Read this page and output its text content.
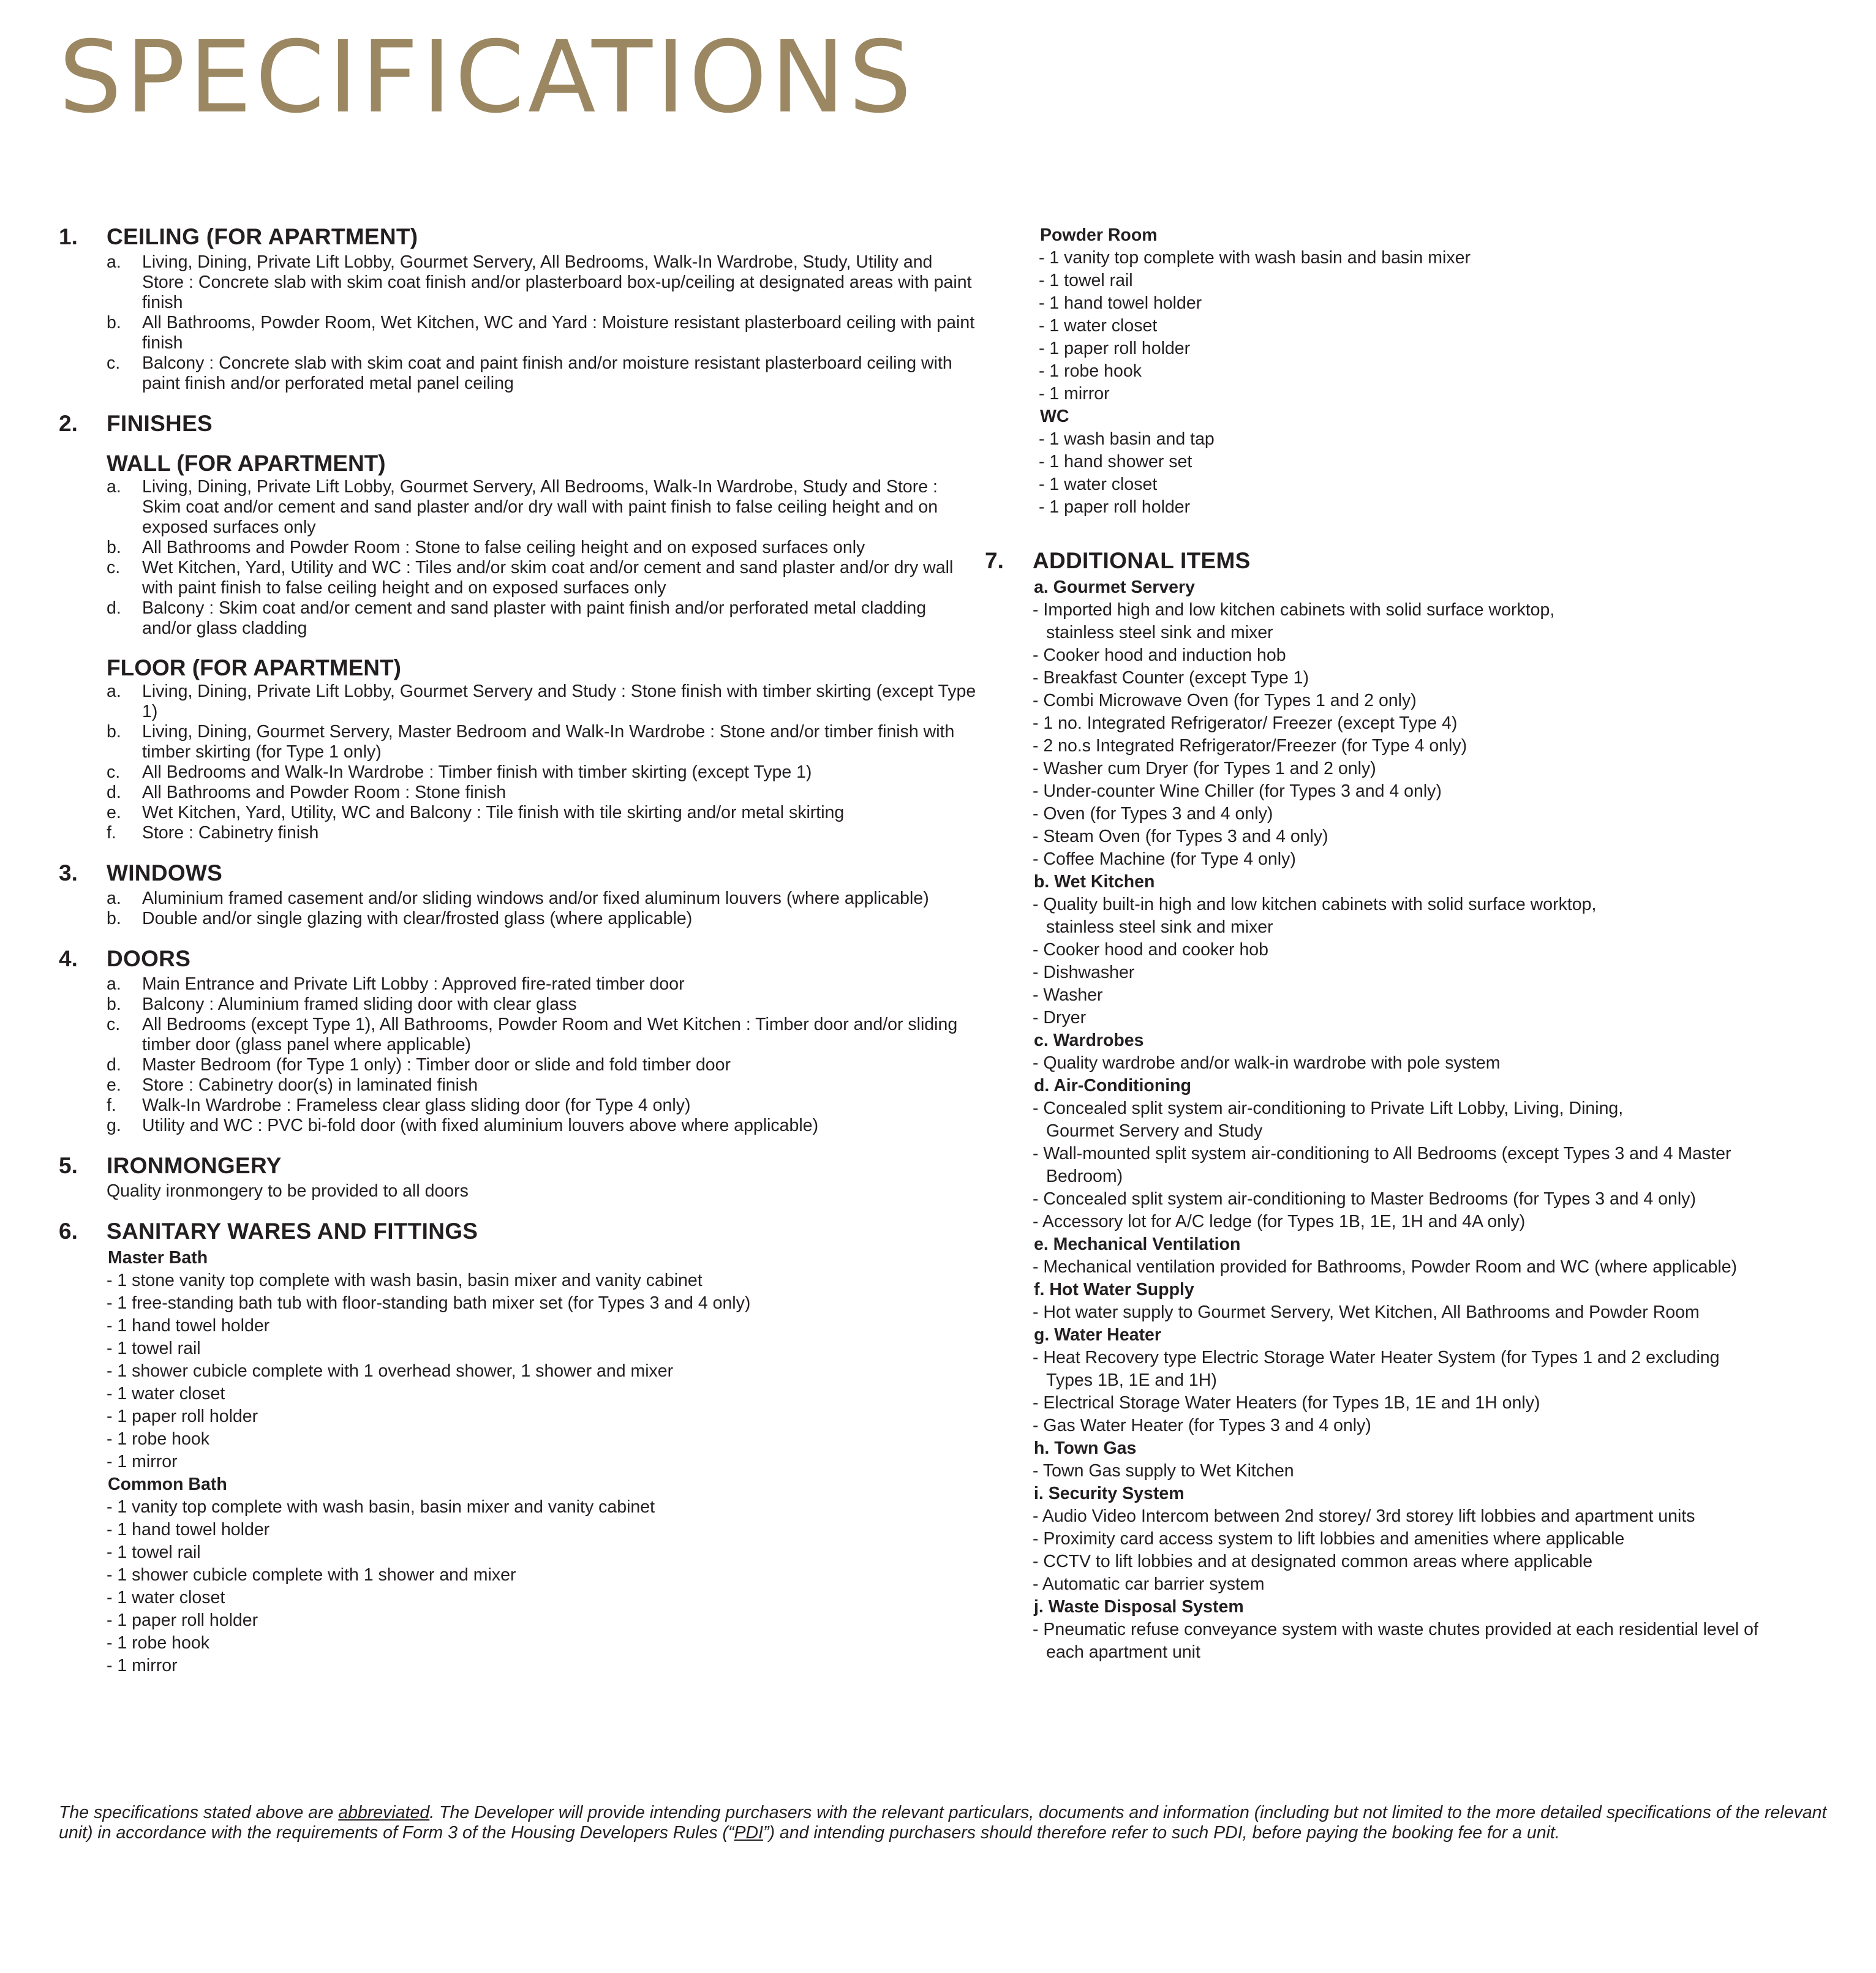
SPECIFICATIONS
1.	CEILING (FOR APARTMENT)
a.	Living, Dining, Private Lift Lobby, Gourmet Servery, All Bedrooms, Walk-In Wardrobe, Study, Utility and Store : Concrete slab with skim coat finish and/or plasterboard box-up/ceiling at designated areas with paint finish
b.	All Bathrooms, Powder Room, Wet Kitchen, WC and Yard : Moisture resistant plasterboard ceiling with paint finish
c.	Balcony : Concrete slab with skim coat and paint finish and/or moisture resistant plasterboard ceiling with paint finish and/or perforated metal panel ceiling
2.	FINISHES
WALL (FOR APARTMENT)
a.	Living, Dining, Private Lift Lobby, Gourmet Servery, All Bedrooms, Walk-In Wardrobe, Study and Store : Skim coat and/or cement and sand plaster and/or dry wall with paint finish to false ceiling height and on exposed surfaces only
b.	All Bathrooms and Powder Room : Stone to false ceiling height and on exposed surfaces only
c.	Wet Kitchen, Yard, Utility and WC : Tiles and/or skim coat and/or cement and sand plaster and/or dry wall with paint finish to false ceiling height and on exposed surfaces only
d.	Balcony : Skim coat and/or cement and sand plaster with paint finish and/or perforated metal cladding and/or glass cladding
FLOOR (FOR APARTMENT)
a.	Living, Dining, Private Lift Lobby, Gourmet Servery and Study : Stone finish with timber skirting (except Type 1)
b.	Living, Dining, Gourmet Servery, Master Bedroom and Walk-In Wardrobe : Stone and/or timber finish with timber skirting (for Type 1 only)
c.	All Bedrooms and Walk-In Wardrobe : Timber finish with timber skirting (except Type 1)
d.	All Bathrooms and Powder Room : Stone finish
e.	Wet Kitchen, Yard, Utility, WC and Balcony : Tile finish with tile skirting and/or metal skirting
f.	Store : Cabinetry finish
3.	WINDOWS
a.	Aluminium framed casement and/or sliding windows and/or fixed aluminum louvers (where applicable)
b.	Double and/or single glazing with clear/frosted glass (where applicable)
4.	DOORS
a.	Main Entrance and Private Lift Lobby : Approved fire-rated timber door
b.	Balcony : Aluminium framed sliding door with clear glass
c.	All Bedrooms (except Type 1), All Bathrooms, Powder Room and Wet Kitchen : Timber door and/or sliding timber door (glass panel where applicable)
d.	Master Bedroom (for Type 1 only) : Timber door or slide and fold timber door
e.	Store : Cabinetry door(s) in laminated finish
f.	Walk-In Wardrobe : Frameless clear glass sliding door (for Type 4 only)
g.	Utility and WC : PVC bi-fold door (with fixed aluminium louvers above where applicable)
5.	IRONMONGERY
Quality ironmongery to be provided to all doors
6.	SANITARY WARES AND FITTINGS
Master Bath
- 1 stone vanity top complete with wash basin, basin mixer and vanity cabinet
- 1 free-standing bath tub with floor-standing bath mixer set (for Types 3 and 4 only)
- 1 hand towel holder
- 1 towel rail
- 1 shower cubicle complete with 1 overhead shower, 1 shower and mixer
- 1 water closet
- 1 paper roll holder
- 1 robe hook
- 1 mirror
Common Bath
- 1 vanity top complete with wash basin, basin mixer and vanity cabinet
- 1 hand towel holder
- 1 towel rail
- 1 shower cubicle complete with 1 shower and mixer
- 1 water closet
- 1 paper roll holder
- 1 robe hook
- 1 mirror
Powder Room
- 1 vanity top complete with wash basin and basin mixer
- 1 towel rail
- 1 hand towel holder
- 1 water closet
- 1 paper roll holder
- 1 robe hook
- 1 mirror
WC
- 1 wash basin and tap
- 1 hand shower set
- 1 water closet
- 1 paper roll holder
7.	ADDITIONAL ITEMS
a. Gourmet Servery
- Imported high and low kitchen cabinets with solid surface worktop,
stainless steel sink and mixer
- Cooker hood and induction hob
- Breakfast Counter (except Type 1)
- Combi Microwave Oven (for Types 1 and 2 only)
- 1 no. Integrated Refrigerator/ Freezer (except Type 4)
- 2 no.s Integrated Refrigerator/Freezer (for Type 4 only)
- Washer cum Dryer (for Types 1 and 2 only)
- Under-counter Wine Chiller (for Types 3 and 4 only)
- Oven (for Types 3 and 4 only)
- Steam Oven (for Types 3 and 4 only)
- Coffee Machine (for Type 4 only)
b. Wet Kitchen
- Quality built-in high and low kitchen cabinets with solid surface worktop,
stainless steel sink and mixer
- Cooker hood and cooker hob
- Dishwasher
- Washer
- Dryer
c. Wardrobes
- Quality wardrobe and/or walk-in wardrobe with pole system
d. Air-Conditioning
- Concealed split system air-conditioning to Private Lift Lobby, Living, Dining,
Gourmet Servery and Study
- Wall-mounted split system air-conditioning to All Bedrooms (except Types 3 and 4 Master
Bedroom)
- Concealed split system air-conditioning to Master Bedrooms (for Types 3 and 4 only)
- Accessory lot for A/C ledge (for Types 1B, 1E, 1H and 4A only)
e. Mechanical Ventilation
- Mechanical ventilation provided for Bathrooms, Powder Room and WC (where applicable)
f. Hot Water Supply
- Hot water supply to Gourmet Servery, Wet Kitchen, All Bathrooms and Powder Room
g. Water Heater
- Heat Recovery type Electric Storage Water Heater System (for Types 1 and 2 excluding
Types 1B, 1E and 1H)
- Electrical Storage Water Heaters (for Types 1B, 1E and 1H only)
- Gas Water Heater (for Types 3 and 4 only)
h. Town Gas
- Town Gas supply to Wet Kitchen
i. Security System
- Audio Video Intercom between 2nd storey/ 3rd storey lift lobbies and apartment units
- Proximity card access system to lift lobbies and amenities where applicable
- CCTV to lift lobbies and at designated common areas where applicable
- Automatic car barrier system
j. Waste Disposal System
- Pneumatic refuse conveyance system with waste chutes provided at each residential level of
each apartment unit
The specifications stated above are abbreviated. The Developer will provide intending purchasers with the relevant particulars, documents and information (including but not limited to the more detailed specifications of the relevant unit) in accordance with the requirements of Form 3 of the Housing Developers Rules (“PDI”) and intending purchasers should therefore refer to such PDI, before paying the booking fee for a unit.
